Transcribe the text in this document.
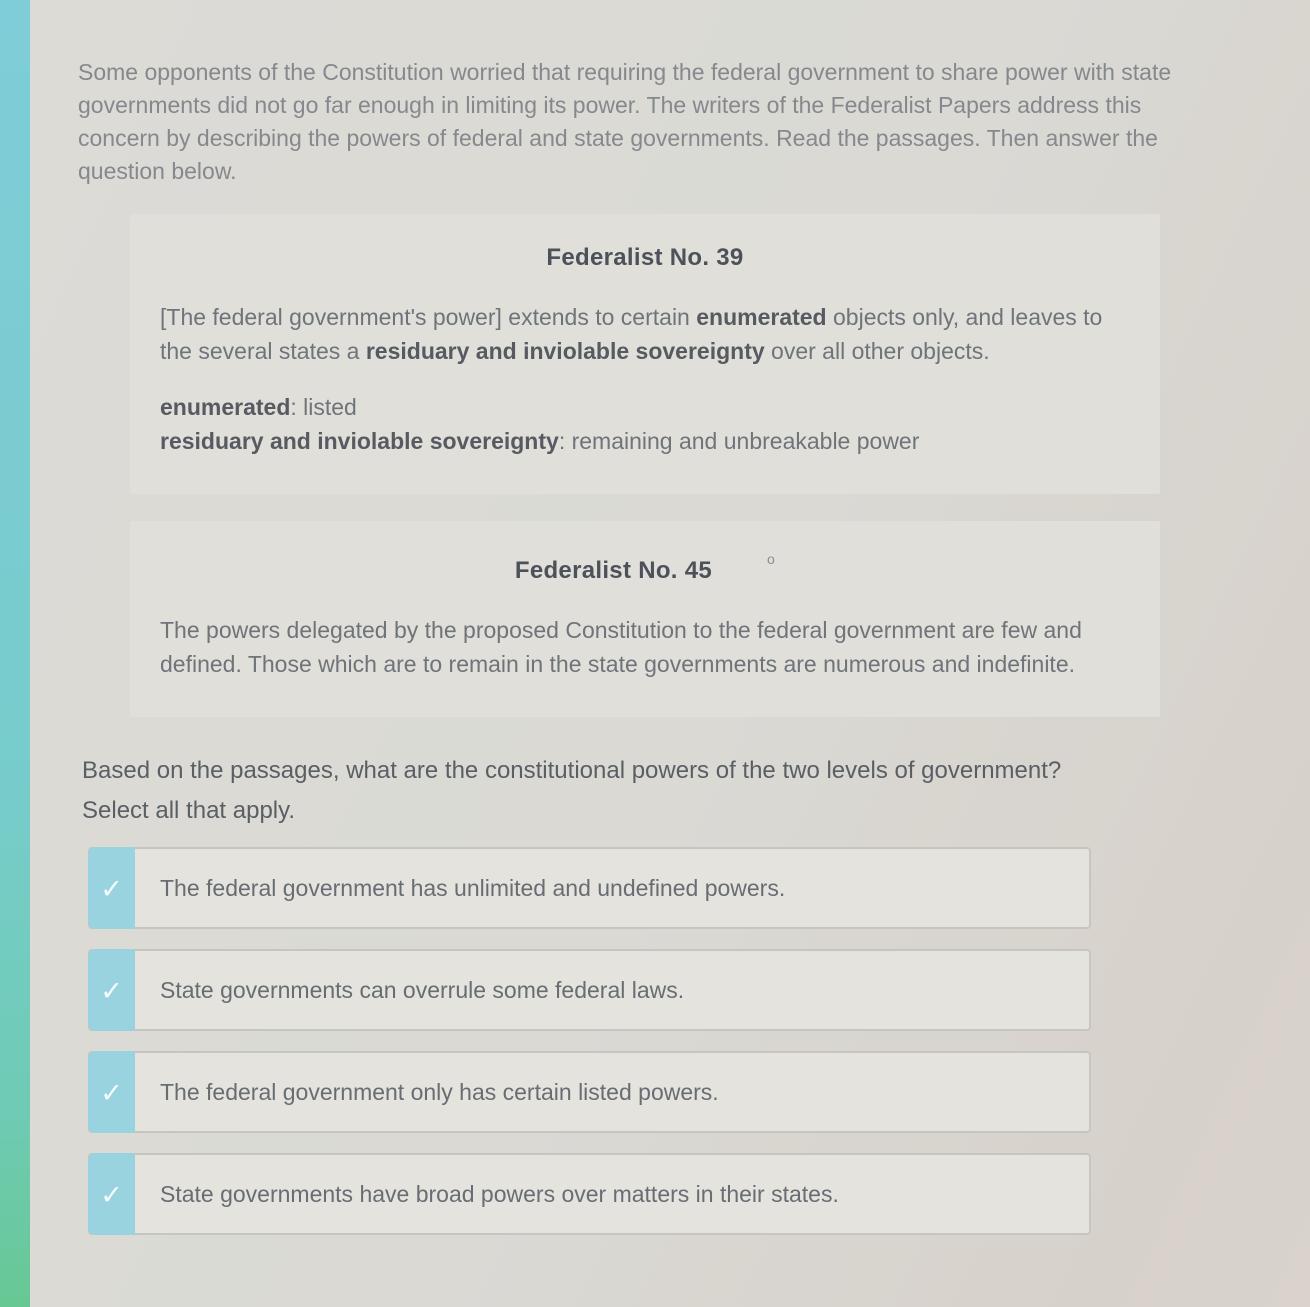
Some opponents of the Constitution worried that requiring the federal government to share power with state governments did not go far enough in limiting its power. The writers of the Federalist Papers address this concern by describing the powers of federal and state governments. Read the passages. Then answer the question below.

Federalist No. 39

[The federal government's power] extends to certain enumerated objects only, and leaves to the several states a residuary and inviolable sovereignty over all other objects.

enumerated: listed
residuary and inviolable sovereignty: remaining and unbreakable power

Federalist No. 45	o

The powers delegated by the proposed Constitution to the federal government are few and defined. Those which are to remain in the state governments are numerous and indefinite.

Based on the passages, what are the constitutional powers of the two levels of government?
Select all that apply.

✓ The federal government has unlimited and undefined powers.
✓ State governments can overrule some federal laws.
✓ The federal government only has certain listed powers.
✓ State governments have broad powers over matters in their states.
